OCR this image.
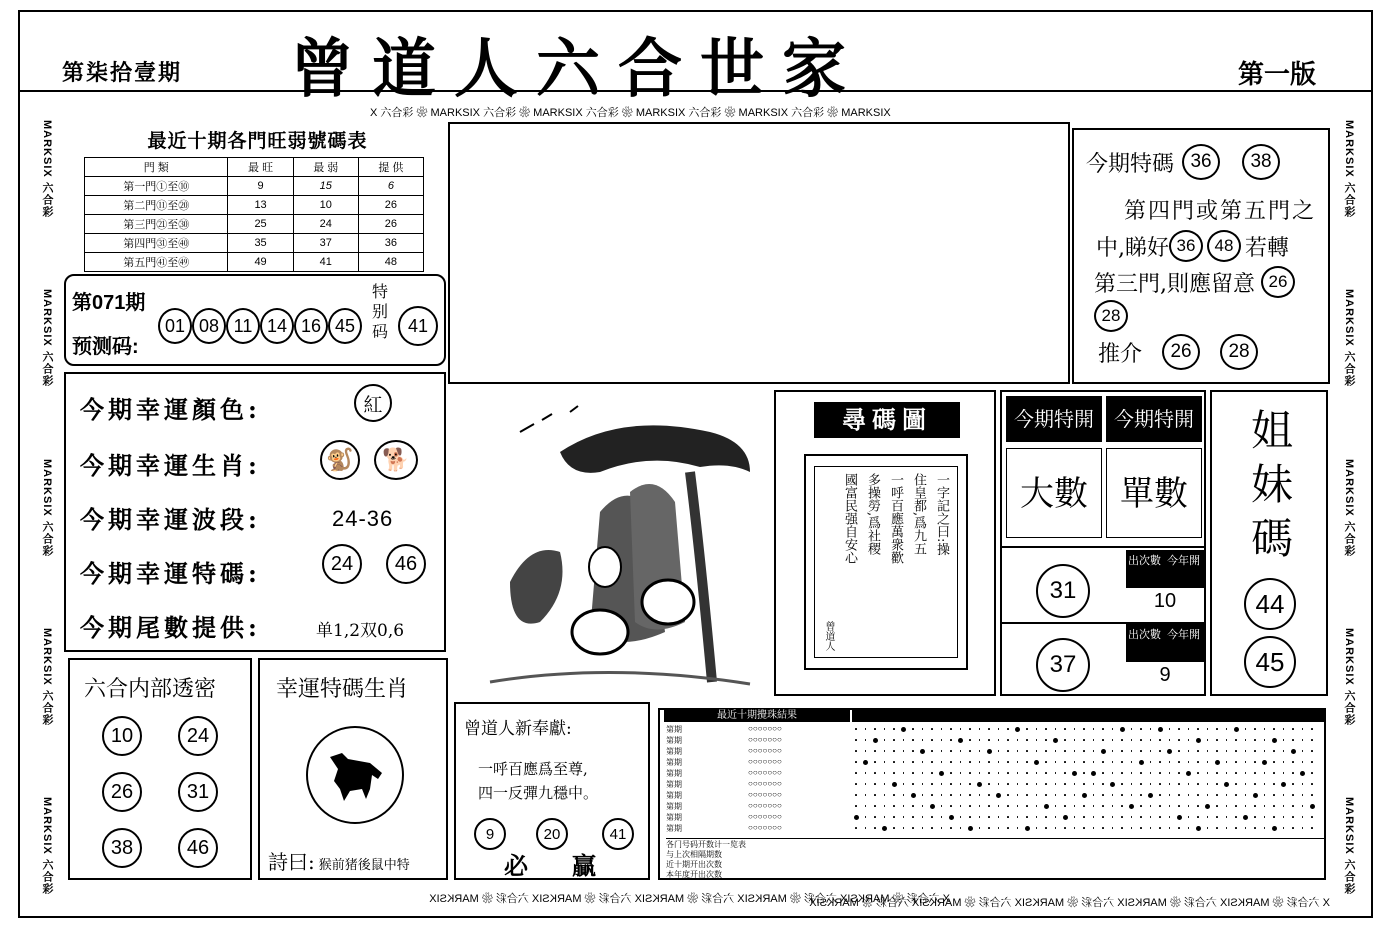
第柒拾壹期 曾道人六合世家	第一版
X 六合彩 ❀ MARKSIX 六合彩 ❀ MARKSIX 六合彩 ❀ MARKSIX 六合彩 ❀ MARKSIX 六合彩 ❀ MARKSIX
X 六合彩 ❀ MARKSIX 六合彩 ❀ MARKSIX 六合彩 ❀ MARKSIX 六合彩 ❀ MARKSIX 六合彩 ❀ MARKSIX
X 六合彩 ❀ MARKSIX 六合彩 ❀ MARKSIX 六合彩 ❀ MARKSIX 六合彩 ❀ MARKSIX 六合彩 ❀ MARKSIX
MARKSIX 六合彩
MARKSIX 六合彩
MARKSIX 六合彩
MARKSIX 六合彩
MARKSIX 六合彩
MARKSIX 六合彩
MARKSIX 六合彩
MARKSIX 六合彩
MARKSIX 六合彩
MARKSIX 六合彩
最近十期各門旺弱號碼表
門 類	最 旺	最 弱	提 供
第一門①至⑩	9	15	6
第二門⑪至⑳	13	10	26
第三門㉑至㉚	25	24	26
第四門㉛至㊵	35	37	36
第五門㊶至㊾	49	41	48
第071期
预测码:
01 08 11 14 16 45
特别码	41
今期特碼 36	38
第四門或第五門之
中,睇好 36	48 若轉
第三門,則應留意 26
28
推介	26	28
今期幸運顏色:	紅
今期幸運生肖:	🐒	🐕
今期幸運波段:	24-36
今期幸運特碼:	24	46
今期尾數提供:	单1,2双0,6
尋碼圖
一字記之曰:操
住皇都,爲九五
一呼百應萬衆歡
多操勞,爲社稷
國富民强自安心
曾道人
今期特開	今期特開
大數 單數
31
37
出次數 今年開
10
出次數 今年開
9
姐妹碼
44
45
六合内部透密
10	24
26	31
38	46
幸運特碼生肖
詩曰: 猴前猪後鼠中特
曾道人新奉獻:
一呼百應爲至尊,
四一反彈九穩中。
9	20	41
必 贏
最近十期攪珠結果
第期	○○○○○○○
第期	○○○○○○○
第期	○○○○○○○
第期	○○○○○○○
第期	○○○○○○○
第期	○○○○○○○
第期	○○○○○○○
第期	○○○○○○○
第期	○○○○○○○
第期	○○○○○○○
各门号码开数计一览表
与上次相隔期数
近十期开出次数
本年度开出次数
